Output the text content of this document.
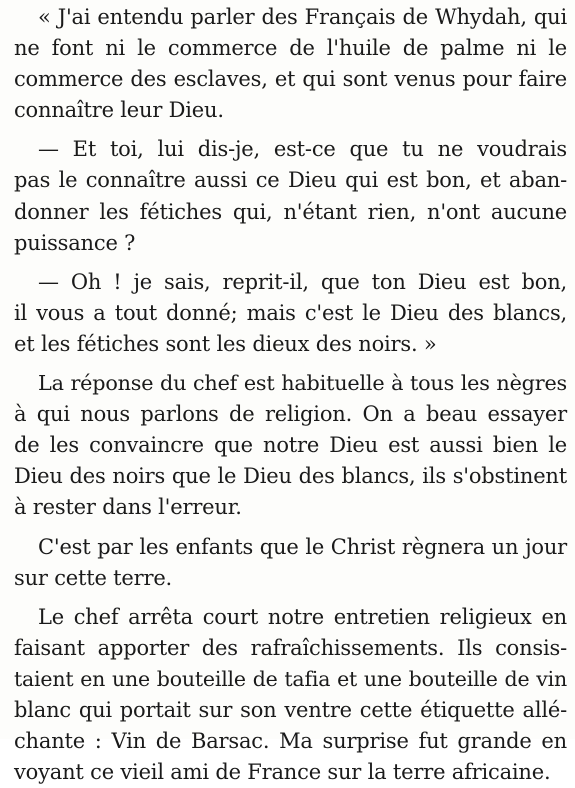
« J'ai entendu parler des Français de Whydah, qui
ne font ni le commerce de l'huile de palme ni le
commerce des esclaves, et qui sont venus pour faire
connaître leur Dieu.
— Et toi, lui dis-je, est-ce que tu ne voudrais
pas le connaître aussi ce Dieu qui est bon, et aban-
donner les fétiches qui, n'étant rien, n'ont aucune
puissance ?
— Oh ! je sais, reprit-il, que ton Dieu est bon,
il vous a tout donné; mais c'est le Dieu des blancs,
et les fétiches sont les dieux des noirs. »
La réponse du chef est habituelle à tous les nègres
à qui nous parlons de religion. On a beau essayer
de les convaincre que notre Dieu est aussi bien le
Dieu des noirs que le Dieu des blancs, ils s'obstinent
à rester dans l'erreur.
C'est par les enfants que le Christ règnera un jour
sur cette terre.
Le chef arrêta court notre entretien religieux en
faisant apporter des rafraîchissements. Ils consis-
taient en une bouteille de tafia et une bouteille de vin
blanc qui portait sur son ventre cette étiquette allé-
chante : Vin de Barsac. Ma surprise fut grande en
voyant ce vieil ami de France sur la terre africaine.
